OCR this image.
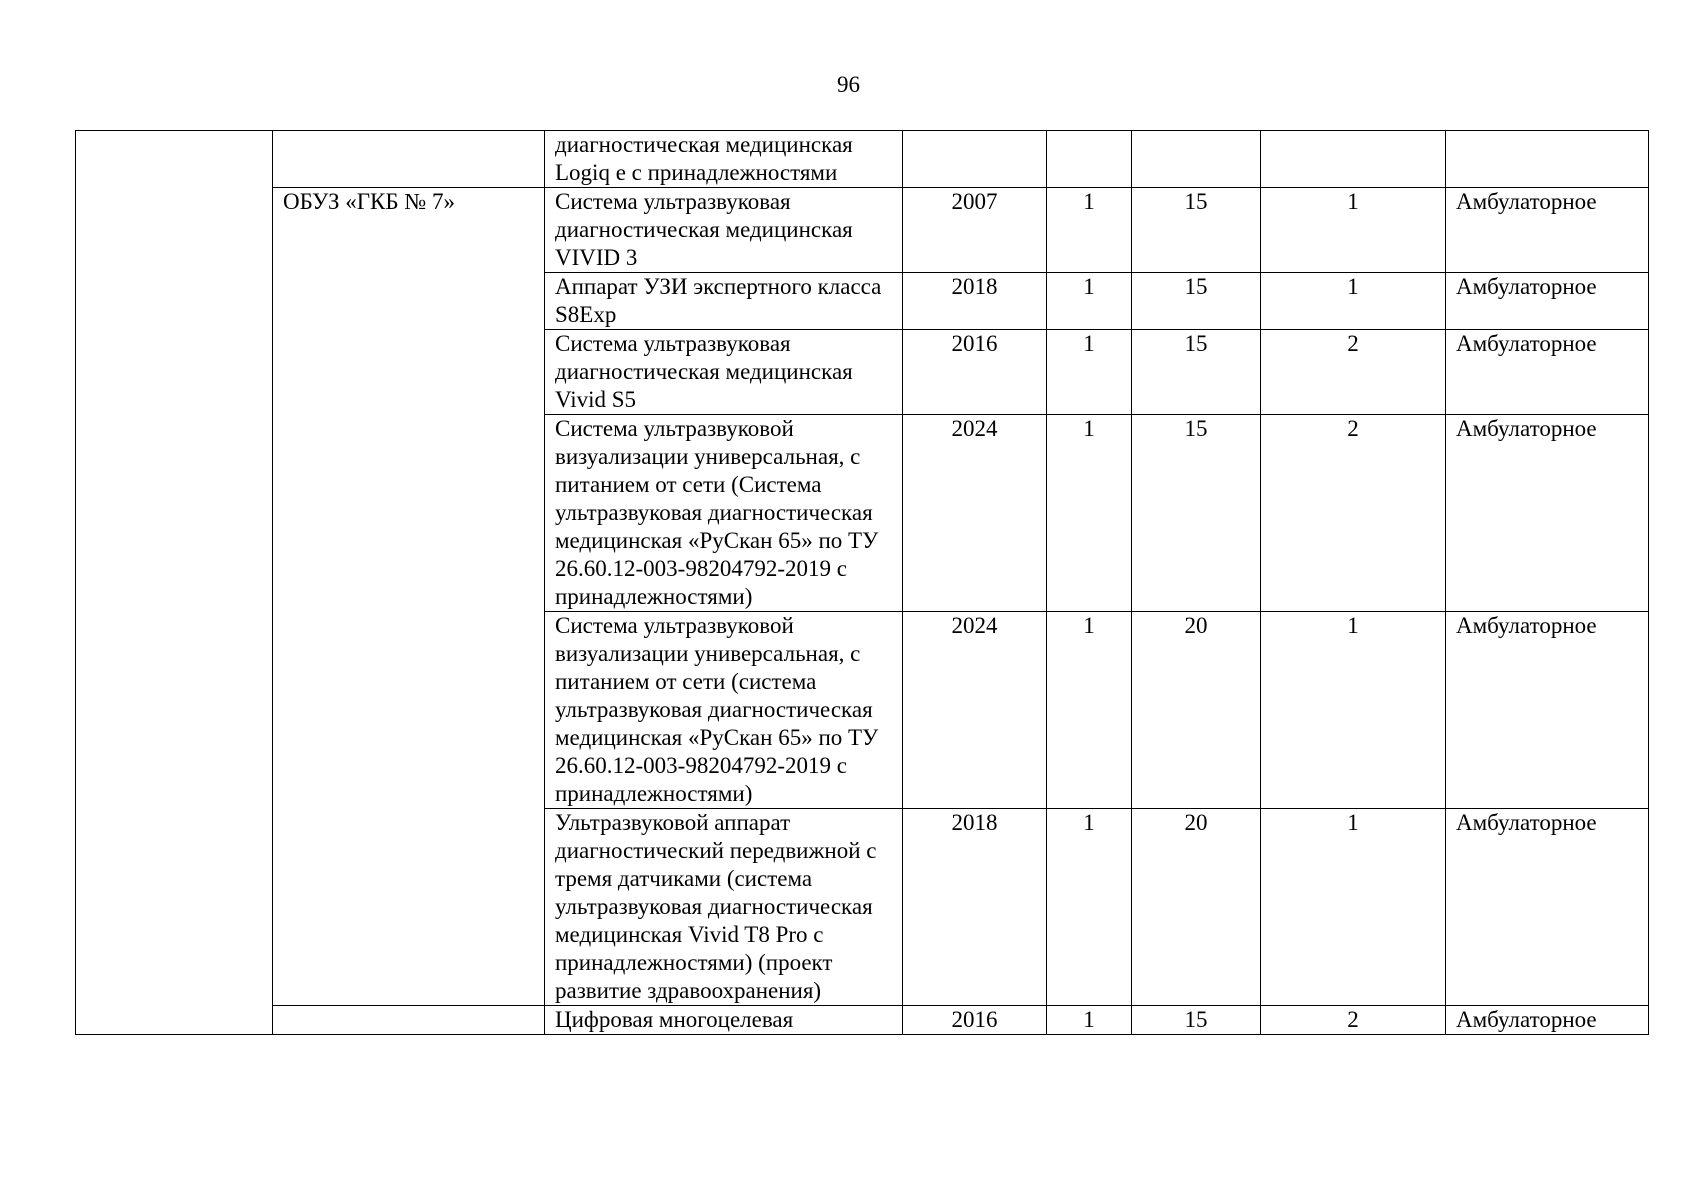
96
		диагностическая медицинская Logiq e с принадлежностями					
	ОБУЗ «ГКБ № 7»	Система ультразвуковая диагностическая медицинская VIVID 3	2007	1	15	1	Амбулаторное
		Аппарат УЗИ экспертного класса S8Exp	2018	1	15	1	Амбулаторное
		Система ультразвуковая диагностическая медицинская Vivid S5	2016	1	15	2	Амбулаторное
		Система ультразвуковой визуализации универсальная, с питанием от сети (Система ультразвуковая диагностическая медицинская «РуСкан 65» по ТУ 26.60.12-003-98204792-2019 с принадлежностями)	2024	1	15	2	Амбулаторное
		Система ультразвуковой визуализации универсальная, с питанием от сети (система ультразвуковая диагностическая медицинская «РуСкан 65» по ТУ 26.60.12-003-98204792-2019 с принадлежностями)	2024	1	20	1	Амбулаторное
		Ультразвуковой аппарат диагностический передвижной с тремя датчиками (система ультразвуковая диагностическая медицинская Vivid T8 Pro с принадлежностями) (проект развитие здравоохранения)	2018	1	20	1	Амбулаторное
		Цифровая многоцелевая	2016	1	15	2	Амбулаторное
